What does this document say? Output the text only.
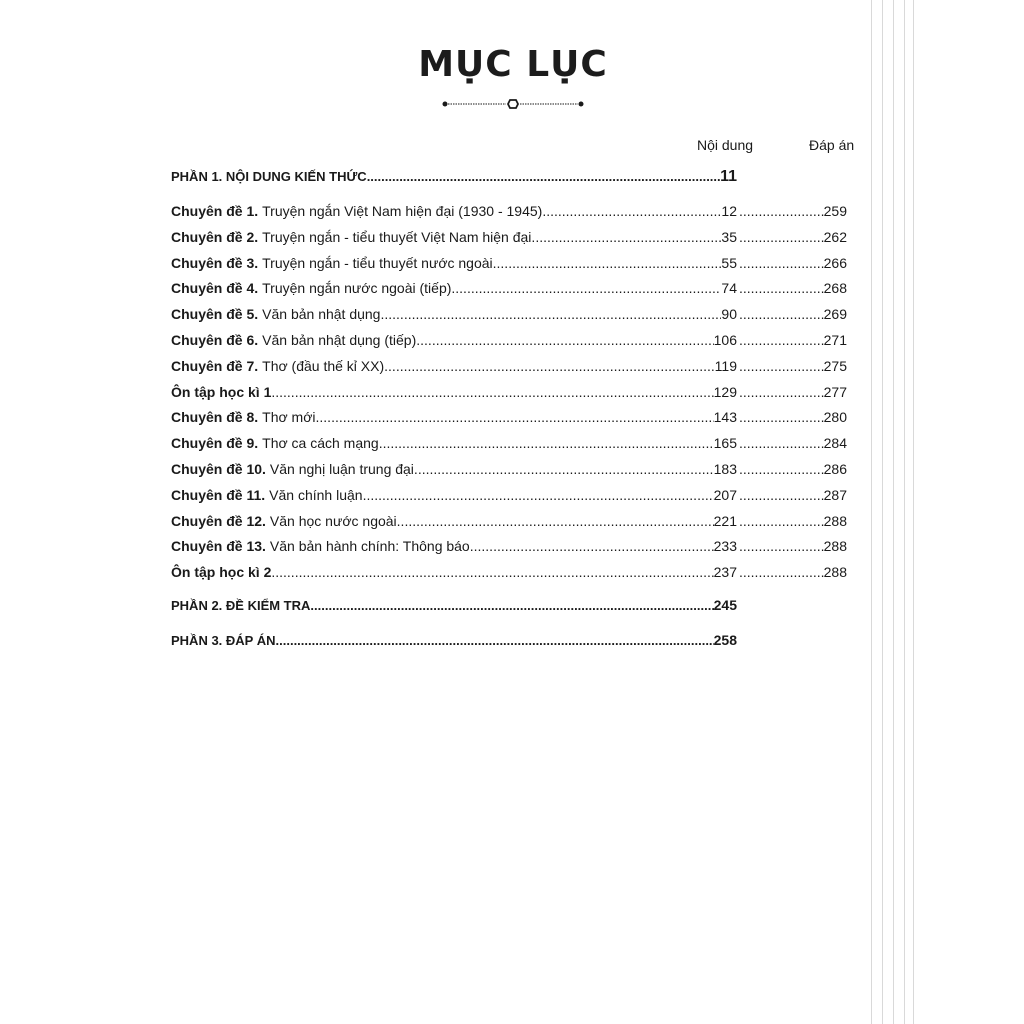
MỤC LỤC
Nội dung	Đáp án
PHẦN 1. NỘI DUNG KIẾN THỨC .....	11
Chuyên đề 1. Truyện ngắn Việt Nam hiện đại (1930 - 1945) .....	12 .....	259
Chuyên đề 2. Truyện ngắn - tiểu thuyết Việt Nam hiện đại. .....	35 .....	262
Chuyên đề 3. Truyện ngắn - tiểu thuyết nước ngoài. .....	55 .....	266
Chuyên đề 4. Truyện ngắn nước ngoài (tiếp). .....	74 .....	268
Chuyên đề 5. Văn bản nhật dụng .....	90 .....	269
Chuyên đề 6. Văn bản nhật dụng (tiếp) .....	106 .....	271
Chuyên đề 7. Thơ (đầu thế kỉ XX) .....	119 .....	275
Ôn tập học kì 1 .....	129 .....	277
Chuyên đề 8. Thơ mới. .....	143 .....	280
Chuyên đề 9. Thơ ca cách mạng. .....	165 .....	284
Chuyên đề 10. Văn nghị luận trung đại. .....	183 .....	286
Chuyên đề 11. Văn chính luận .....	207 .....	287
Chuyên đề 12. Văn học nước ngoài .....	221 .....	288
Chuyên đề 13. Văn bản hành chính: Thông báo .....	233 .....	288
Ôn tập học kì 2 .....	237 .....	288
PHẦN 2. ĐỀ KIỂM TRA .....	245
PHẦN 3. ĐÁP ÁN .....	258
